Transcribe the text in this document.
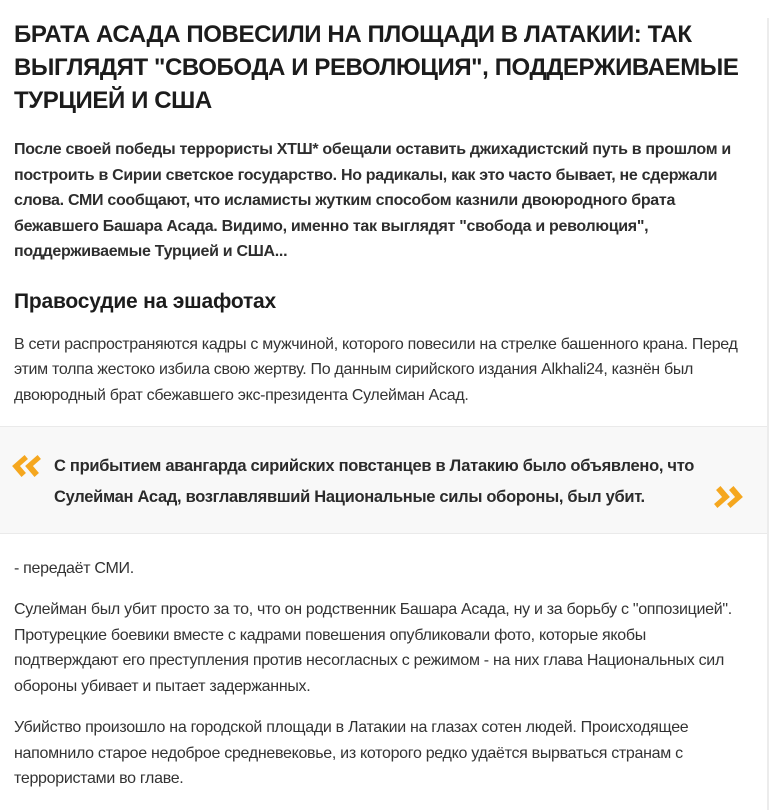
БРАТА АСАДА ПОВЕСИЛИ НА ПЛОЩАДИ В ЛАТАКИИ: ТАК ВЫГЛЯДЯТ "СВОБОДА И РЕВОЛЮЦИЯ", ПОДДЕРЖИВАЕМЫЕ ТУРЦИЕЙ И США

После своей победы террористы ХТШ* обещали оставить джихадистский путь в прошлом и построить в Сирии светское государство. Но радикалы, как это часто бывает, не сдержали слова. СМИ сообщают, что исламисты жутким способом казнили двоюродного брата бежавшего Башара Асада. Видимо, именно так выглядят "свобода и революция", поддерживаемые Турцией и США...

Правосудие на эшафотах

В сети распространяются кадры с мужчиной, которого повесили на стрелке башенного крана. Перед этим толпа жестоко избила свою жертву. По данным сирийского издания Alkhali24, казнён был двоюродный брат сбежавшего экс-президента Сулейман Асад.

С прибытием авангарда сирийских повстанцев в Латакию было объявлено, что Сулейман Асад, возглавлявший Национальные силы обороны, был убит.

- передаёт СМИ.

Сулейман был убит просто за то, что он родственник Башара Асада, ну и за борьбу с "оппозицией". Протурецкие боевики вместе с кадрами повешения опубликовали фото, которые якобы подтверждают его преступления против несогласных с режимом - на них глава Национальных сил обороны убивает и пытает задержанных.

Убийство произошло на городской площади в Латакии на глазах сотен людей. Происходящее напомнило старое недоброе средневековье, из которого редко удаётся вырваться странам с террористами во главе.
